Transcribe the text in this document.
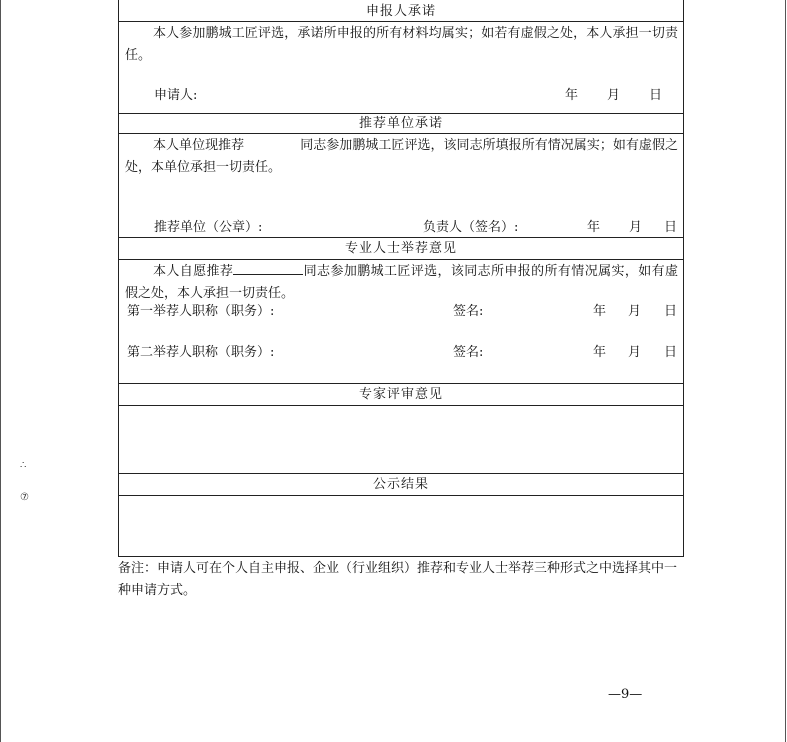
∴
⑦
申报人承诺
本人参加鹏城工匠评选，承诺所申报的所有材料均属实；如若有虚假之处，本人承担一切责任。
申请人:	年 月 日
推荐单位承诺
本人单位现推荐	同志参加鹏城工匠评选，该同志所填报所有情况属实；如有虚假之处，本单位承担一切责任。
推荐单位（公章）:	负责人（签名）:	年 月 日
专业人士举荐意见
本人自愿推荐	同志参加鹏城工匠评选，该同志所申报的所有情况属实，如有虚假之处，本人承担一切责任。
第一举荐人职称（职务）:	签名:	年 月 日
第二举荐人职称（职务）:	签名:	年 月 日
专家评审意见
公示结果
备注：申请人可在个人自主申报、企业（行业组织）推荐和专业人士举荐三种形式之中选择其中一种申请方式。
—9—
